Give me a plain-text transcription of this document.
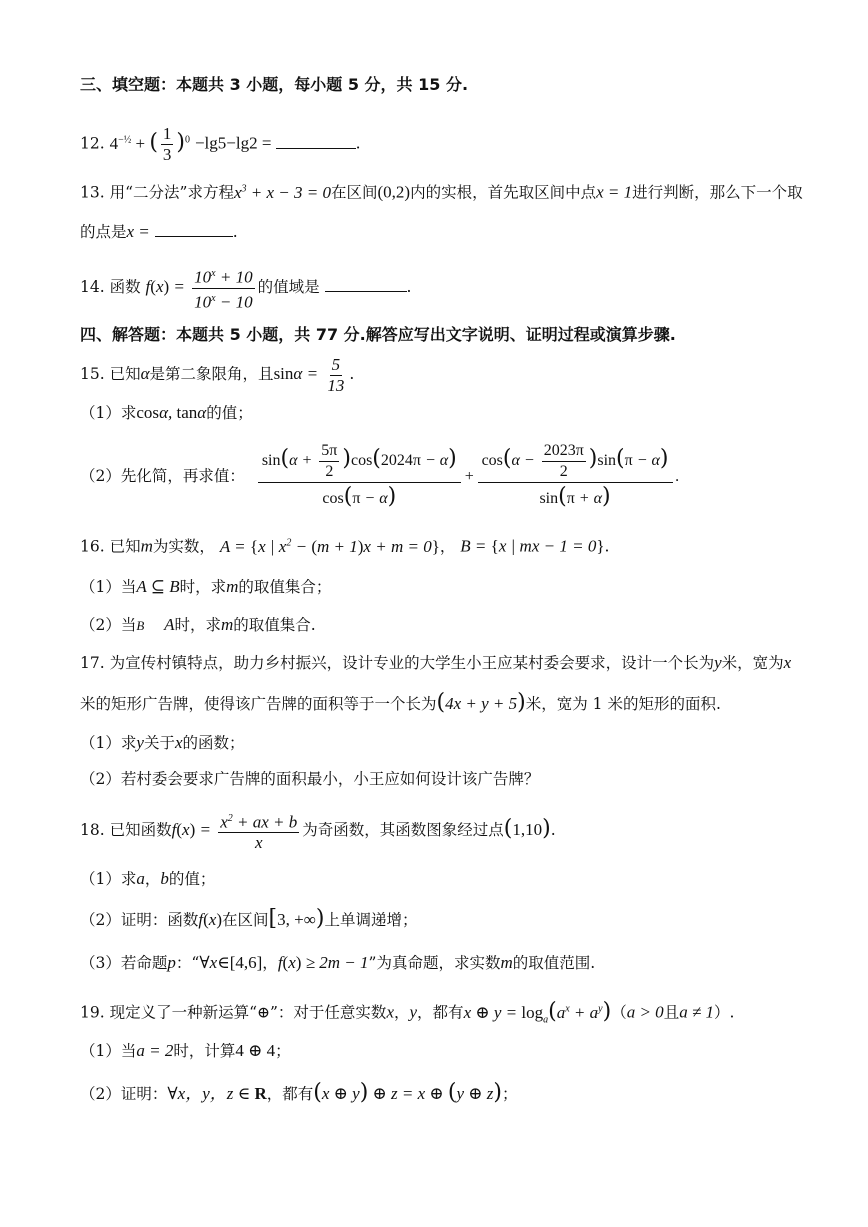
三、填空题：本题共 3 小题，每小题 5 分，共 15 分.
12. $4^{-\frac{1}{2}}$ + ( $\frac{1}{3} )^0 -\lg 5-\lg 2$ =	.
13. 用“二分法”求方程$x^3 + x - 3 = 0$在区间(0,2)内的实根，首先取区间中点x = 1进行判断，那么下一个取
的点是x =	.
14. 函数 $f(x) = \frac{10^x + 10}{10^x - 10}$ 的值域是	.
四、解答题：本题共 5 小题，共 77 分.解答应写出文字说明、证明过程或演算步骤.
15. 已知α是第二象限角，且$\sin\alpha = \frac{5}{13}$ .
（1）求cosα, tanα的值；
（2）先化简，再求值： $\frac{\sin(\alpha + \frac{5\pi}{2} )\cos(2024\pi - \alpha)}{\cos(\pi - \alpha)} + \frac{\cos(\alpha - \frac{2023\pi}{2} )\sin(\pi - \alpha)}{\sin(\pi + \alpha)}$ .
16. 已知m为实数， A = {x | $x^2 - (m + 1)x + m = 0$}， B = {x | mx − 1 = 0}.
（1）当A ⊆ B时，求m的取值集合；
（2）当B A时，求m的取值集合.
17. 为宣传村镇特点，助力乡村振兴，设计专业的大学生小王应某村委会要求，设计一个长为y米，宽为x
米的矩形广告牌，使得该广告牌的面积等于一个长为(4x + y + 5)米，宽为 1 米的矩形的面积.
（1）求y关于x的函数；
（2）若村委会要求广告牌的面积最小，小王应如何设计该广告牌？
18. 已知函数$f(x) = \frac{x^2 + ax + b}{x}$ 为奇函数，其函数图象经过点(1,10).
（1）求a，b的值；
（2）证明：函数f(x)在区间[3, +∞)上单调递增；
（3）若命题p：“∀x∈[4,6]，f(x) ≥ 2m − 1”为真命题，求实数m的取值范围.
19. 现定义了一种新运算“⊕”：对于任意实数x，y，都有x ⊕ $y = \log_a(a^x + a^y)(a > 0$且a ≠ 1）.
（1）当a = 2时，计算4 ⊕ 4；
（2）证明：∀x，y，z ∈ R，都有(x ⊕ y) ⊕ z = x ⊕ (y ⊕ z)；
